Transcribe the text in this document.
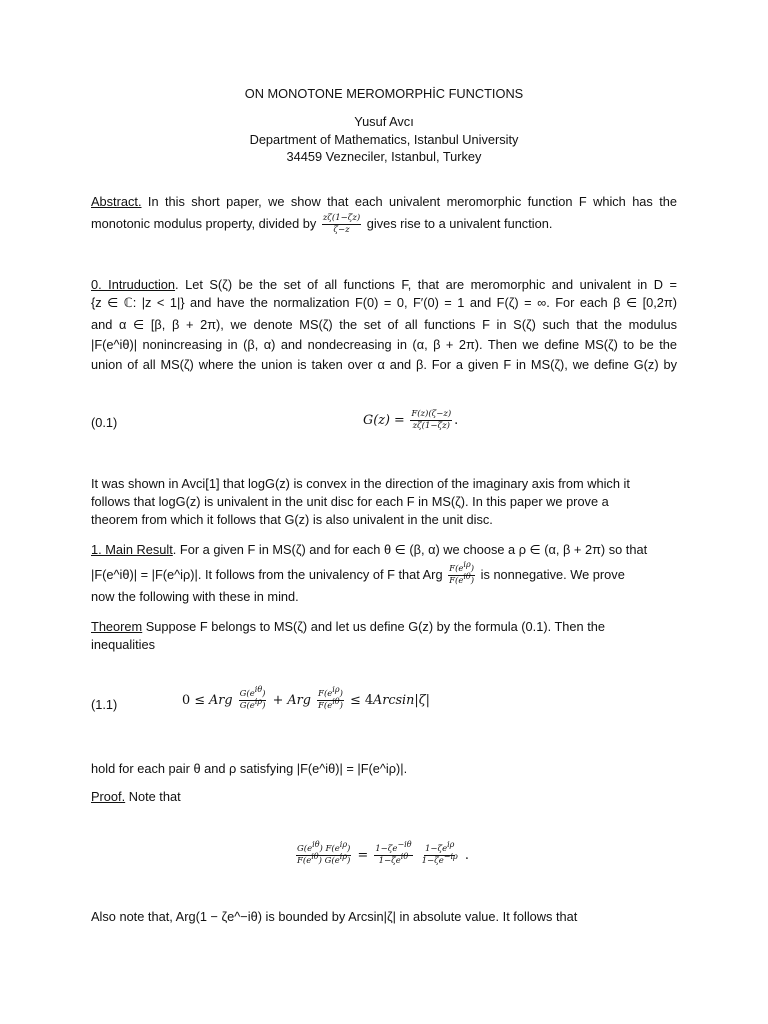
ON MONOTONE MEROMORPHİC FUNCTIONS
Yusuf Avcı
Department of Mathematics, Istanbul University
34459 Vezneciler, Istanbul, Turkey
Abstract. In this short paper, we show that each univalent meromorphic function F which has the
monotonic modulus property, divided by $\frac{z\zeta(1-\zetāz)}{\zeta-z}$ gives rise to a univalent function.
0. Intruduction. Let S(ζ) be the set of all functions F, that are meromorphic and univalent in D =
{z ∈ ℂ: |z < 1|} and have the normalization F(0) = 0, F′(0) = 1 and F(ζ) = ∞. For each β ∈ [0,2π)
and α ∈ [β, β + 2π), we denote MS(ζ) the set of all functions F in S(ζ) such that the modulus
|F(e^iθ)| nonincreasing in (β, α) and nondecreasing in (α, β + 2π). Then we define MS(ζ) to be the
union of all MS(ζ) where the union is taken over α and β. For a given F in MS(ζ), we define G(z) by
(0.1)	$G(z) = \frac{F(z)(\zeta-z)}{z\zeta(1-\zetāz)}$ .
It was shown in Avci[1] that logG(z) is convex in the direction of the imaginary axis from which it
follows that logG(z) is univalent in the unit disc for each F in MS(ζ). In this paper we prove a
theorem from which it follows that G(z) is also univalent in the unit disc.
1. Main Result. For a given F in MS(ζ) and for each θ ∈ (β, α) we choose a ρ ∈ (α, β + 2π) so that
|F(e^iθ)| = |F(e^iρ)|. It follows from the univalency of F that Arg $\frac{F(e^{i\rho})}{F(e^{i\theta})}$ is nonnegative. We prove
now the following with these in mind.
Theorem Suppose F belongs to MS(ζ) and let us define G(z) by the formula (0.1). Then the
inequalities
(1.1)	0 ≤ Arg $\frac{G(e^{i\theta})}{G(e^{i\rho})}$ + Arg $\frac{F(e^{i\rho})}{F(e^{i\theta})} \le 4Arcsin|\zeta|$
hold for each pair θ and ρ satisfying |F(e^iθ)| = |F(e^iρ)|.
Proof. Note that
$\frac{G(e^{i\theta}) F(e^{i\rho})}{F(e^{i\theta}) G(e^{i\rho})} = \frac{1-\zeta e^{-i\theta}}{1-\zetāe^{i\theta}}$
$\frac{1-\zetāe^{i\rho}}{1-\zeta e^{-i\rho}}$ .
Also note that, Arg(1 − ζe^−iθ) is bounded by Arcsin|ζ| in absolute value. It follows that
